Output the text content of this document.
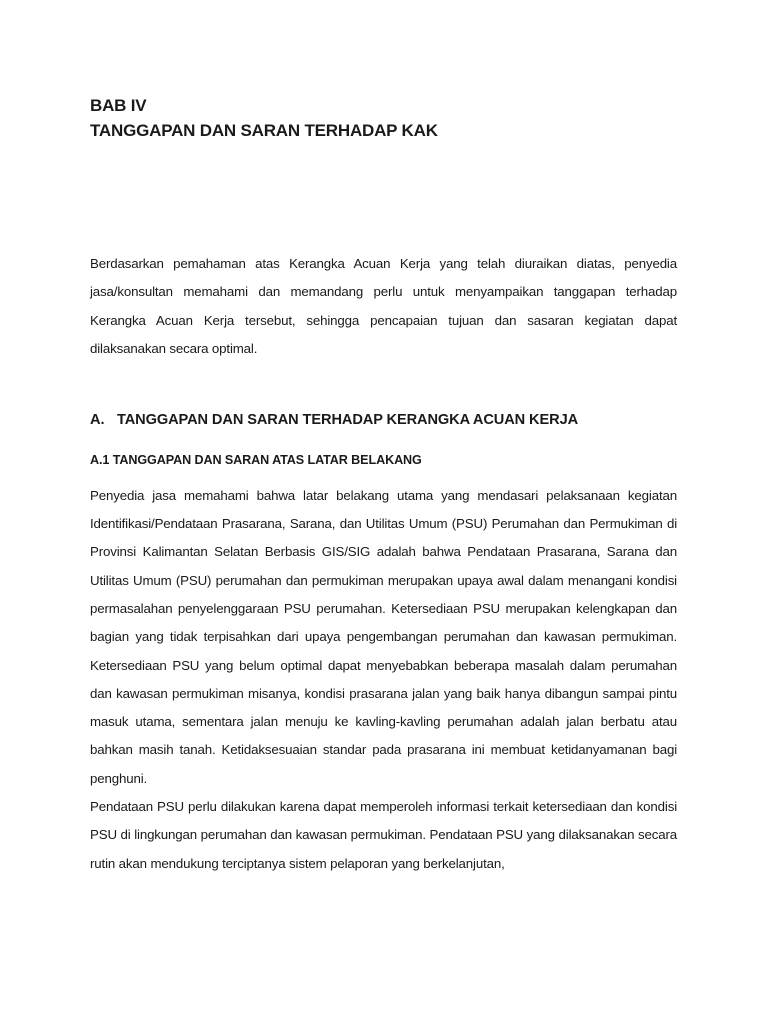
BAB IV
TANGGAPAN DAN SARAN TERHADAP KAK

Berdasarkan pemahaman atas Kerangka Acuan Kerja yang telah diuraikan diatas, penyedia jasa/konsultan memahami dan memandang perlu untuk menyampaikan tanggapan terhadap Kerangka Acuan Kerja tersebut, sehingga pencapaian tujuan dan sasaran kegiatan dapat dilaksanakan secara optimal.

A. TANGGAPAN DAN SARAN TERHADAP KERANGKA ACUAN KERJA
A.1 TANGGAPAN DAN SARAN ATAS LATAR BELAKANG

Penyedia jasa memahami bahwa latar belakang utama yang mendasari pelaksanaan kegiatan Identifikasi/Pendataan Prasarana, Sarana, dan Utilitas Umum (PSU) Perumahan dan Permukiman di Provinsi Kalimantan Selatan Berbasis GIS/SIG adalah bahwa Pendataan Prasarana, Sarana dan Utilitas Umum (PSU) perumahan dan permukiman merupakan upaya awal dalam menangani kondisi permasalahan penyelenggaraan PSU perumahan. Ketersediaan PSU merupakan kelengkapan dan bagian yang tidak terpisahkan dari upaya pengembangan perumahan dan kawasan permukiman. Ketersediaan PSU yang belum optimal dapat menyebabkan beberapa masalah dalam perumahan dan kawasan permukiman misanya, kondisi prasarana jalan yang baik hanya dibangun sampai pintu masuk utama, sementara jalan menuju ke kavling-kavling perumahan adalah jalan berbatu atau bahkan masih tanah. Ketidaksesuaian standar pada prasarana ini membuat ketidanyamanan bagi penghuni.

Pendataan PSU perlu dilakukan karena dapat memperoleh informasi terkait ketersediaan dan kondisi PSU di lingkungan perumahan dan kawasan permukiman. Pendataan PSU yang dilaksanakan secara rutin akan mendukung terciptanya sistem pelaporan yang berkelanjutan,
